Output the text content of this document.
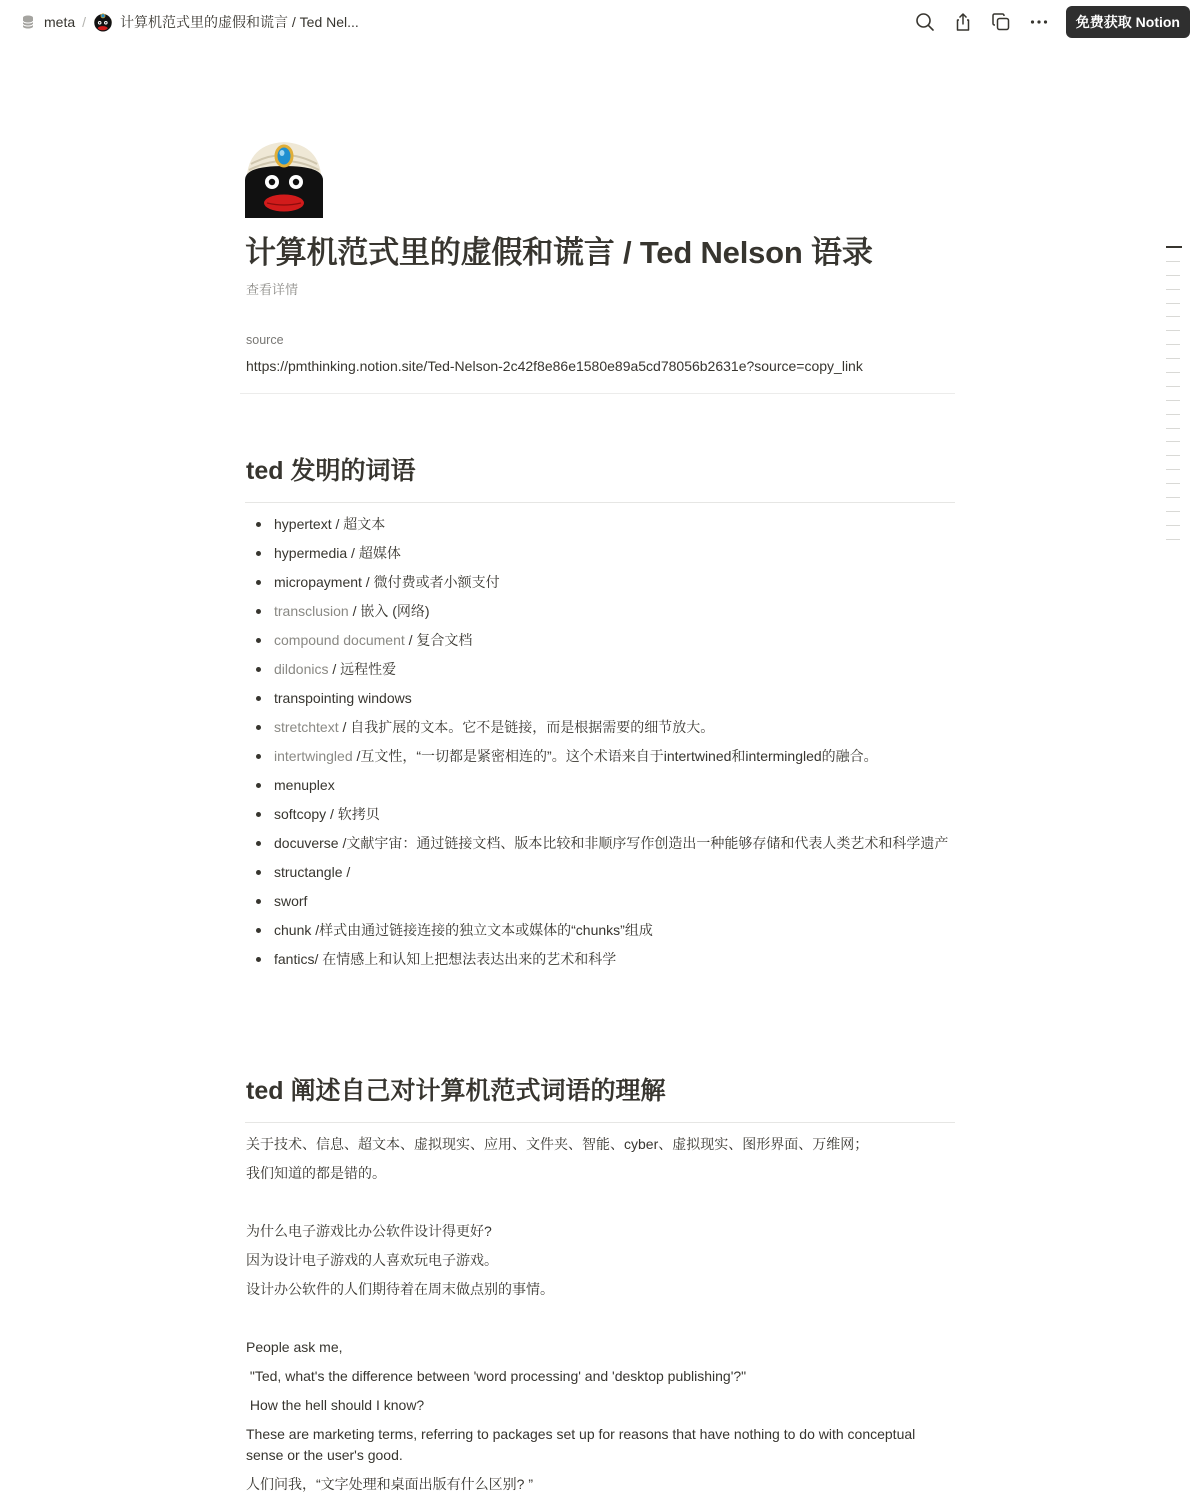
meta / 计算机范式里的虚假和谎言 / Ted Nel...	免费获取 Notion
计算机范式里的虚假和谎言 / Ted Nelson 语录
查看详情
source
https://pmthinking.notion.site/Ted-Nelson-2c42f8e86e1580e89a5cd78056b2631e?source=copy_link
ted 发明的词语
hypertext / 超文本
hypermedia / 超媒体
micropayment / 微付费或者小额支付
transclusion / 嵌入 (网络)
compound document / 复合文档
dildonics / 远程性爱
transpointing windows
stretchtext / 自我扩展的文本。它不是链接，而是根据需要的细节放大。
intertwingled /互文性，“一切都是紧密相连的”。这个术语来自于intertwined和intermingled的融合。
menuplex
softcopy / 软拷贝
docuverse /文献宇宙：通过链接文档、版本比较和非顺序写作创造出一种能够存储和代表人类艺术和科学遗产
structangle /
sworf
chunk /样式由通过链接连接的独立文本或媒体的“chunks”组成
fantics/ 在情感上和认知上把想法表达出来的艺术和科学
ted 阐述自己对计算机范式词语的理解
关于技术、信息、超文本、虚拟现实、应用、文件夹、智能、cyber、虚拟现实、图形界面、万维网；
我们知道的都是错的。
为什么电子游戏比办公软件设计得更好?
因为设计电子游戏的人喜欢玩电子游戏。
设计办公软件的人们期待着在周末做点别的事情。
People ask me,
"Ted, what's the difference between 'word processing' and 'desktop publishing'?"
How the hell should I know?
These are marketing terms, referring to packages set up for reasons that have nothing to do with conceptual sense or the user's good.
人们问我，“文字处理和桌面出版有什么区别? ”
